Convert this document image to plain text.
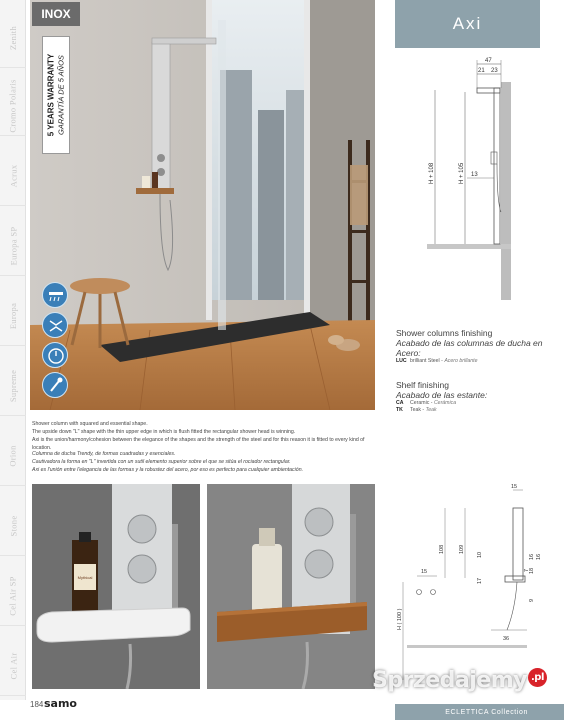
Zenith
Cromo Polaris
Acrux
Europa SP
Europa
Supreme
Orion
Stone
Cel Air SP
Cel Air
INOX
5 YEARS WARRANTY GARANTÍA DE 5 AÑOS
Axi
47
21 23
H + 108	H + 105 13
Shower columns finishing
Acabado de las columnas de ducha en Acero:
LUC brilliant Steel - Acero brillante
Shelf finishing
Acabado de las estante:
CA Ceramic - Cerámica
TK Teak - Teak
Shower column with squared and essential shape.
The upside down "L" shape with the thin upper edge in which is flush fitted the rectangular shower head is winning.
Axi is the union/harmony/cohesion between the elegance of the shapes and the strength of the steel and for this reason it is fitted to every kind of location.
Columna de ducha Trendy, de formas cuadradas y esenciales.
Cautivadora la forma en "L" invertida con un sutil elemento superior sobre el que se sitúa el rociador rectangular.
Axi es l'unión entre l'elegancia de las formas y la robustez del acero, por eso es perfecto para cualquier ambientación.
Mythical
15
108	109
10
17
16 16
18
9
7
15
H ( 100 )
36
184 samo
Sprzedajemy .pl
ECLETTICA Collection
